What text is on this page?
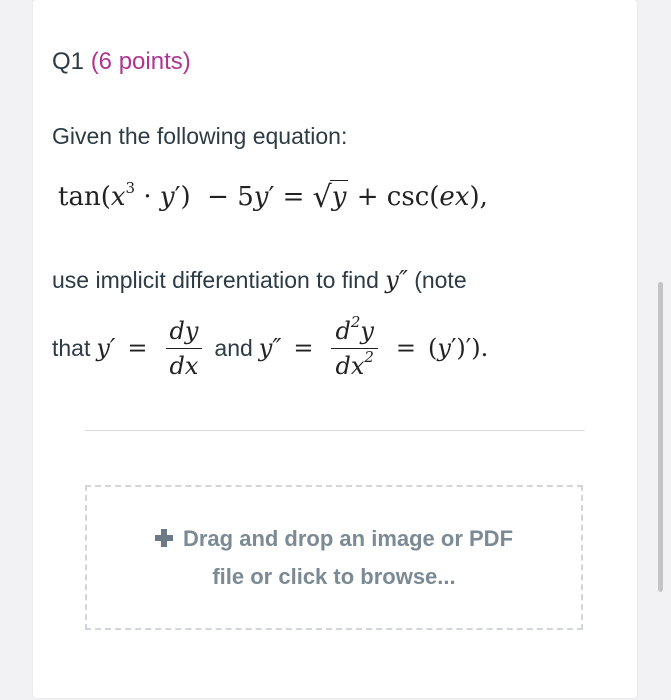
Q1 (6 points)
Given the following equation:
$\tan(x^3 \cdot y') - 5y' = √y + \csc(ex)$,
use implicit differentiation to find y″ (note
that $y' = \frac{dy}{dx}$ and $y'' = \frac{d^2y}{dx^2} = (y')'$).
Drag and drop an image or PDF
file or click to browse...
